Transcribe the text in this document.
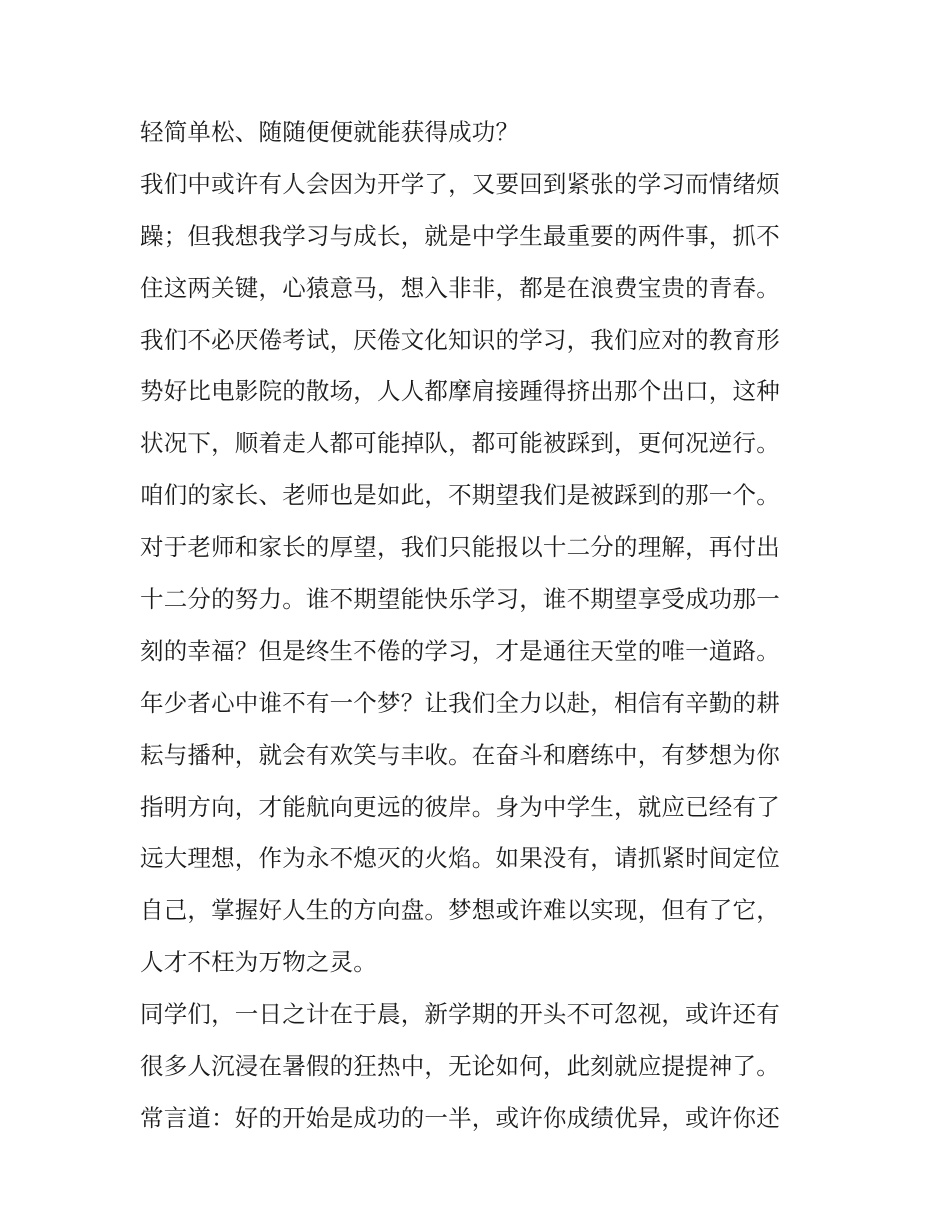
轻简单松、随随便便就能获得成功？
我们中或许有人会因为开学了，又要回到紧张的学习而情绪烦
躁；但我想我学习与成长，就是中学生最重要的两件事，抓不
住这两关键，心猿意马，想入非非，都是在浪费宝贵的青春。
我们不必厌倦考试，厌倦文化知识的学习，我们应对的教育形
势好比电影院的散场，人人都摩肩接踵得挤出那个出口，这种
状况下，顺着走人都可能掉队，都可能被踩到，更何况逆行。
咱们的家长、老师也是如此，不期望我们是被踩到的那一个。
对于老师和家长的厚望，我们只能报以十二分的理解，再付出
十二分的努力。谁不期望能快乐学习，谁不期望享受成功那一
刻的幸福？但是终生不倦的学习，才是通往天堂的唯一道路。
年少者心中谁不有一个梦？让我们全力以赴，相信有辛勤的耕
耘与播种，就会有欢笑与丰收。在奋斗和磨练中，有梦想为你
指明方向，才能航向更远的彼岸。身为中学生，就应已经有了
远大理想，作为永不熄灭的火焰。如果没有，请抓紧时间定位
自己，掌握好人生的方向盘。梦想或许难以实现，但有了它，
人才不枉为万物之灵。
同学们，一日之计在于晨，新学期的开头不可忽视，或许还有
很多人沉浸在暑假的狂热中，无论如何，此刻就应提提神了。
常言道：好的开始是成功的一半，或许你成绩优异，或许你还
